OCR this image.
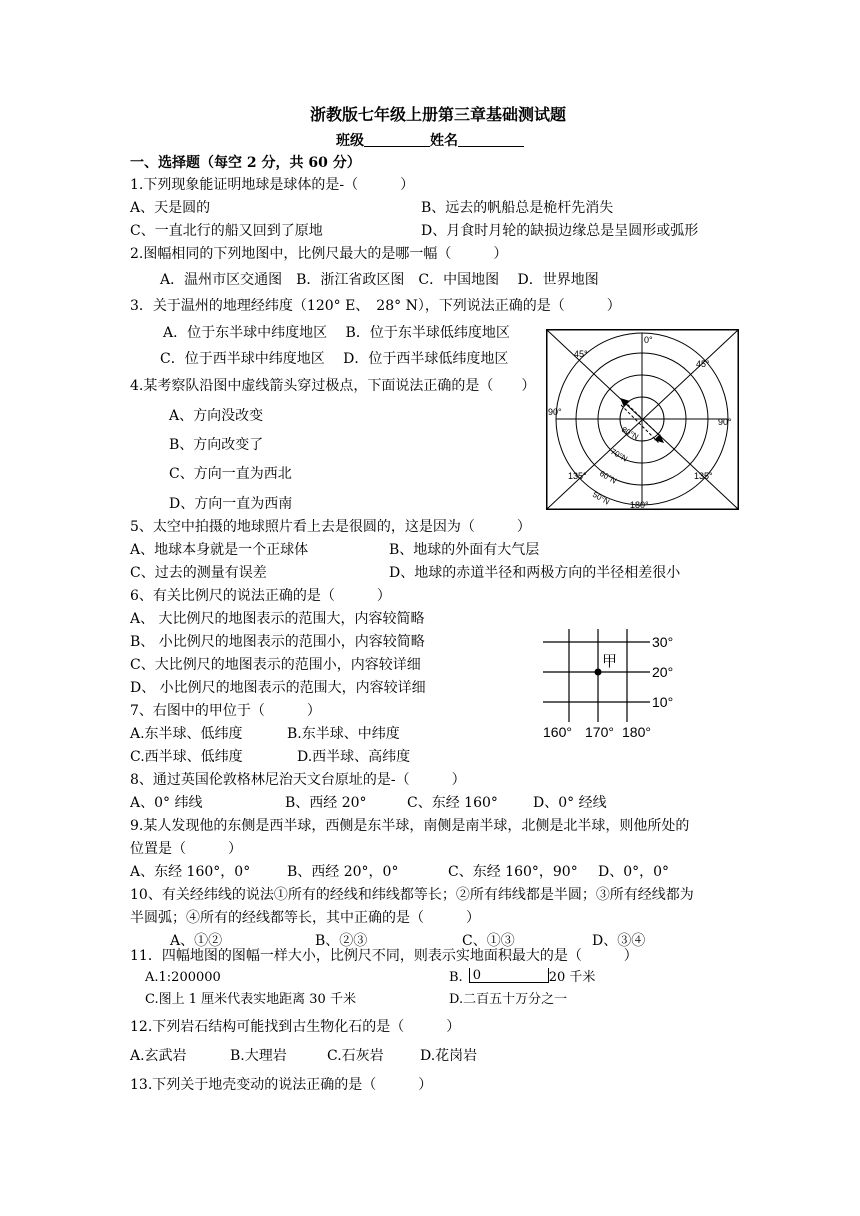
浙教版七年级上册第三章基础测试题
班级	姓名
一、选择题（每空 2 分，共 60 分）
1.下列现象能证明地球是球体的是-（　　　）
A、天是圆的	B、远去的帆船总是桅杆先消失
C、一直北行的船又回到了原地	D、月食时月轮的缺损边缘总是呈圆形或弧形
2.图幅相同的下列地图中，比例尺最大的是哪一幅（　　　）
A．温州市区交通图　B．浙江省政区图　C．中国地图　 D．世界地图
3．关于温州的地理经纬度（120° E、　28° N），下列说法正确的是（　　　）
A．位于东半球中纬度地区　 B．位于东半球低纬度地区
C．位于西半球中纬度地区　 D．位于西半球低纬度地区
4.某考察队沿图中虚线箭头穿过极点，下面说法正确的是（　　）
A、方向没改变
B、方向改变了
C、方向一直为西北
D、方向一直为西南
0°
45°
45°
90°
90°
135°	135°
180°
80°N
70°N
60°N
50°N
5、太空中拍摄的地球照片看上去是很圆的，这是因为（　　　）
A、地球本身就是一个正球体	B、地球的外面有大气层
C、过去的测量有误差	D、地球的赤道半径和两极方向的半径相差很小
6、有关比例尺的说法正确的是（　　　）
A、 大比例尺的地图表示的范围大，内容较简略
B、 小比例尺的地图表示的范围小，内容较简略
C、大比例尺的地图表示的范围小，内容较详细
D、 小比例尺的地图表示的范围大，内容较详细
甲
30°
20°
10°
160° 170° 180°
7、右图中的甲位于（　　　）
A.东半球、低纬度	B.东半球、中纬度
C.西半球、低纬度	D.西半球、高纬度
8、通过英国伦敦格林尼治天文台原址的是-（　　　）
A、0° 纬线	B、西经 20°	C、东经 160°	D、0° 经线
9.某人发现他的东侧是西半球，西侧是东半球，南侧是南半球，北侧是北半球，则他所处的
位置是（　　　）
A、东经 160°，0°	B、西经 20°，0°	C、东经 160°，90° D、0°，0°
10、有关经纬线的说法①所有的经线和纬线都等长；②所有纬线都是半圆；③所有经线都为
半圆弧；④所有的经线都等长，其中正确的是（　　　）
A、①②	B、②③	C、①③	D、③④
11．四幅地图的图幅一样大小，比例尺不同，则表示实地面积最大的是（　　　）
A.1:200000	B. 0	20 千米
C.图上 1 厘米代表实地距离 30 千米	D.二百五十万分之一
12.下列岩石结构可能找到古生物化石的是（　　　）
A.玄武岩	B.大理岩	C.石灰岩	D.花岗岩
13.下列关于地壳变动的说法正确的是（　　　）
